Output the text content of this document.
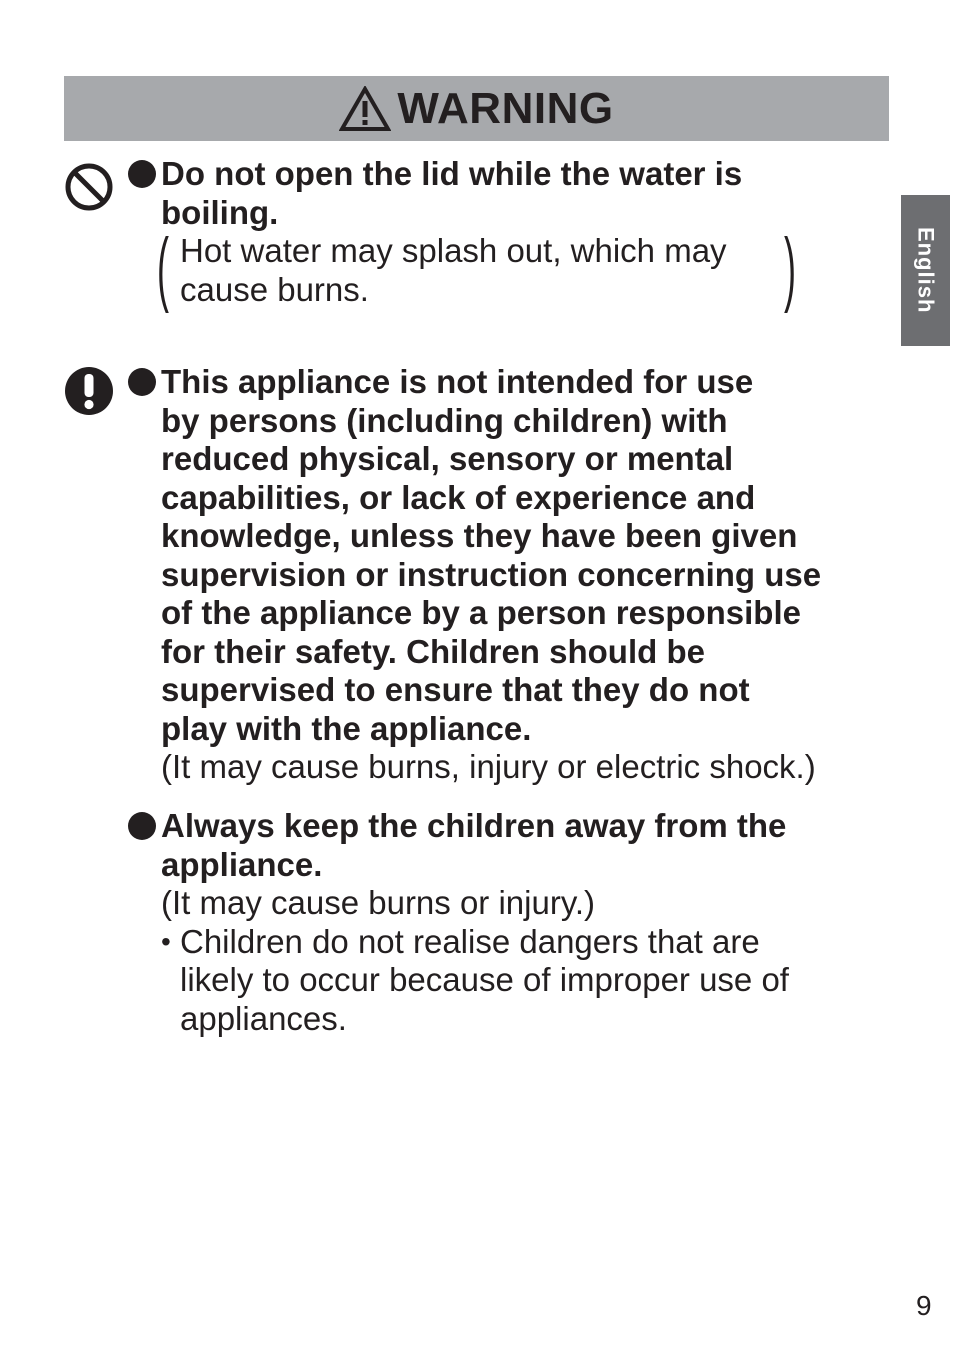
WARNING
English

Do not open the lid while the water is
boiling.

( Hot water may splash out, which may
cause burns.	)

This appliance is not intended for use
by persons (including children) with
reduced physical, sensory or mental
capabilities, or lack of experience and
knowledge, unless they have been given
supervision or instruction concerning use
of the appliance by a person responsible
for their safety. Children should be
supervised to ensure that they do not
play with the appliance.

(It may cause burns, injury or electric shock.)

Always keep the children away from the
appliance.

(It may cause burns or injury.)

• Children do not realise dangers that are
likely to occur because of improper use of
appliances.

9
